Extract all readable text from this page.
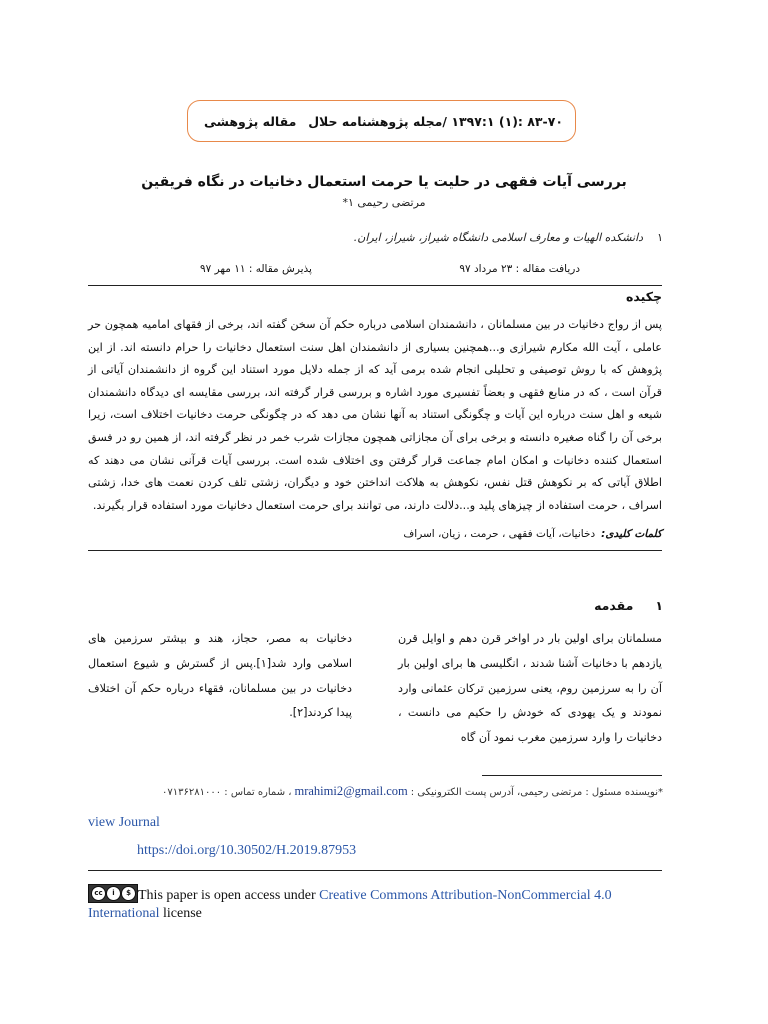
۸۳-۷۰ :(۱) ۱۳۹۷:۱ /مجله پژوهشنامه حلال
مقاله پژوهشی
بررسی آیات فقهی در حلیت یا حرمت استعمال دخانیات در نگاه فریقین
مرتضی رحیمی ١*
۱دانشکده الهیات و معارف اسلامی دانشگاه شیراز، شیراز، ایران.
دریافت مقاله : ۲۳ مرداد ۹۷
پذیرش مقاله : ۱۱ مهر ۹۷
چکیده
پس از رواج دخانیات در بین مسلمانان ، دانشمندان اسلامی درباره حکم آن سخن گفته اند، برخی از فقهای امامیه همچون حر عاملی ، آیت الله مکارم شیرازی و...همچنین بسیاری از دانشمندان اهل سنت استعمال دخانیات را حرام دانسته اند. از این پژوهش که با روش توصیفی و تحلیلی انجام شده برمی آید که از جمله دلایل مورد استناد این گروه از دانشمندان آیاتی از قرآن است ، که در منابع فقهی و بعضاً تفسیری مورد اشاره و بررسی قرار گرفته اند، بررسی مقایسه ای دیدگاه دانشمندان شیعه و اهل سنت درباره این آیات و چگونگی استناد به آنها نشان می دهد که در چگونگی حرمت دخانیات اختلاف است، زیرا برخی آن را گناه صغیره دانسته و برخی برای آن مجازاتی همچون مجازات شرب خمر در نظر گرفته اند، از همین رو در فسق استعمال کننده دخانیات و امکان امام جماعت قرار گرفتن وی اختلاف شده است. بررسی آیات قرآنی نشان می دهند که اطلاق آیاتی که بر نکوهش قتل نفس، نکوهش به هلاکت انداختن خود و دیگران، زشتی تلف کردن نعمت های خدا، زشتی اسراف ، حرمت استفاده از چیزهای پلید و...دلالت دارند، می توانند برای حرمت استعمال دخانیات مورد استفاده قرار بگیرند.
کلمات کلیدی:دخانیات، آیات فقهی ، حرمت ، زیان، اسراف
۱مقدمه
مسلمانان برای اولین بار در اواخر قرن دهم و اوایل قرن یازدهم با دخانیات آشنا شدند ، انگلیسی ها برای اولین بار آن را به سرزمین روم، یعنی سرزمین ترکان عثمانی وارد نمودند و یک یهودی که خودش را حکیم می دانست ، دخانیات را وارد سرزمین مغرب نمود آن گاه
دخانیات به مصر، حجاز، هند و بیشتر سرزمین های اسلامی وارد شد[۱].پس از گسترش و شیوع استعمال دخانیات در بین مسلمانان، فقهاء درباره حکم آن اختلاف پیدا کردند[۲].
*نویسنده مسئول : مرتضی رحیمی، آدرس پست الکترونیکی :mrahimi2@gmail.com، شماره تماس : ۰۷۱۳۶۲۸۱۰۰۰
view Journal
https://doi.org/10.30502/H.2019.87953
cc	i	$ This paper is open access under Creative Commons Attribution-NonCommercial 4.0 International license
